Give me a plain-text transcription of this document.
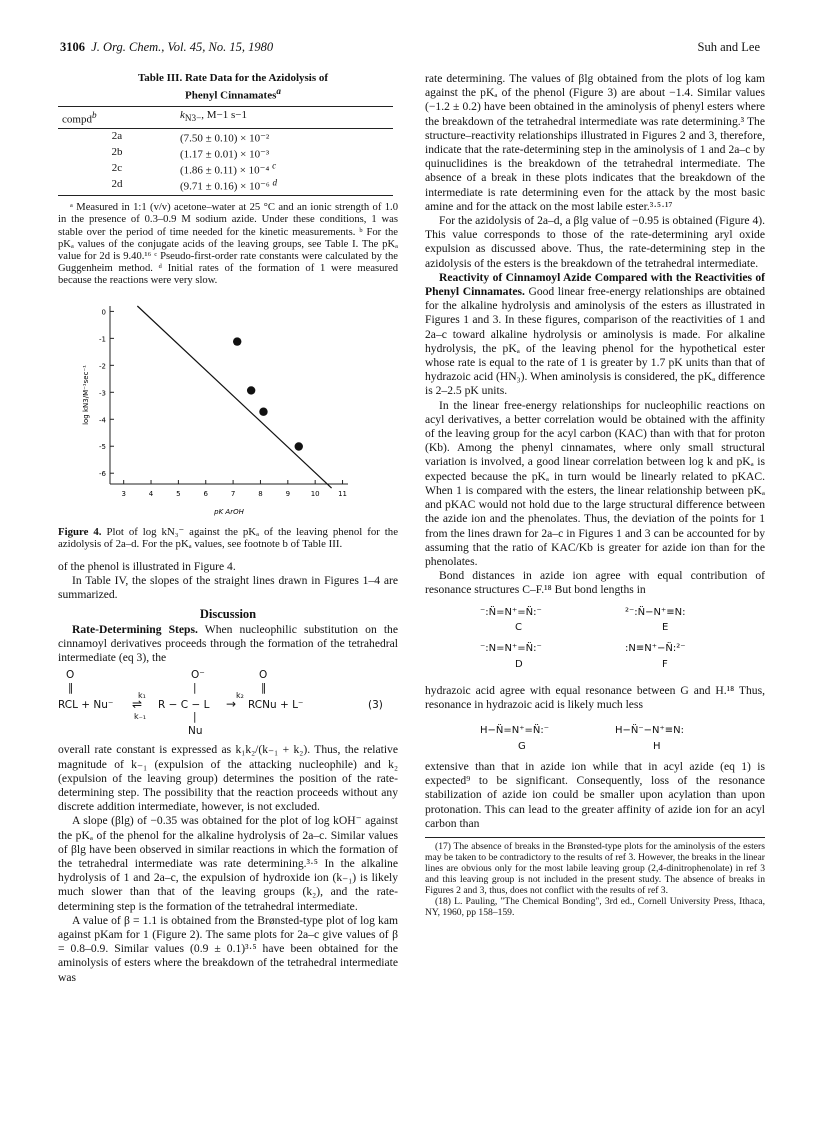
3106 J. Org. Chem., Vol. 45, No. 15, 1980	Suh and Lee
Table III. Rate Data for the Azidolysis of
Phenyl Cinnamates$^a$
compd$^b$	$k_{N3-}$, M−1 s−1
2a	(7.50 ± 0.10) × 10⁻²
2b	(1.17 ± 0.01) × 10⁻³
2c	(1.86 ± 0.11) × 10⁻⁴ $^c$
2d	(9.71 ± 0.16) × 10⁻⁶ $^d$

ᵃ Measured in 1:1 (v/v) acetone–water at 25 °C and an ionic strength of 1.0 in the presence of 0.3–0.9 M sodium azide. Under these conditions, 1 was stable over the period of time needed for the kinetic measurements. ᵇ For the pKₐ values of the conjugate acids of the leaving groups, see Table I. The pKₐ value for 2d is 9.40.¹⁶ ᶜ Pseudo-first-order rate constants were calculated by the Guggenheim method. ᵈ Initial rates of the formation of 1 were measured because the reactions were very slow.

3	4	5	6	7	8	9	10	11
0
-1
-2
-3
-4
-5
-6
pK ArOH
log kN3/M⁻¹sec⁻¹

Figure 4. Plot of log kN₃⁻ against the pKₐ of the leaving phenol for the azidolysis of 2a–d. For the pKₐ values, see footnote b of Table III.

of the phenol is illustrated in Figure 4.

In Table IV, the slopes of the straight lines drawn in Figures 1–4 are summarized.

Discussion

Rate-Determining Steps. When nucleophilic substitution on the cinnamoyl derivatives proceeds through the formation of the tetrahedral intermediate (eq 3), the

O
‖
RCL + Nu⁻
k₁
⇌
k₋₁
O⁻
|
R − C − L
|
Nu
k₂
→
O
‖
RCNu + L⁻	(3)

overall rate constant is expressed as k₁k₂/(k₋₁ + k₂). Thus, the relative magnitude of k₋₁ (expulsion of the attacking nucleophile) and k₂ (expulsion of the leaving group) determines the position of the rate-determining step. The possibility that the reaction proceeds without any discrete addition intermediate, however, is not excluded.

A slope (βlg) of −0.35 was obtained for the plot of log kOH⁻ against the pKₐ of the phenol for the alkaline hydrolysis of 2a–c. Similar values of βlg have been observed in similar reactions in which the formation of the tetrahedral intermediate was rate determining.³·⁵ In the alkaline hydrolysis of 1 and 2a–c, the expulsion of hydroxide ion (k₋₁) is likely much slower than that of the leaving groups (k₂), and the rate-determining step is the formation of the tetrahedral intermediate.

A value of β = 1.1 is obtained from the Brønsted-type plot of log kam against pKam for 1 (Figure 2). The same plots for 2a–c give values of β = 0.8–0.9. Similar values (0.9 ± 0.1)³·⁵ have been obtained for the aminolysis of esters where the breakdown of the tetrahedral intermediate was

rate determining. The values of βlg obtained from the plots of log kam against the pKₐ of the phenol (Figure 3) are about −1.4. Similar values (−1.2 ± 0.2) have been obtained in the aminolysis of phenyl esters where the breakdown of the tetrahedral intermediate was rate determining.³ The structure–reactivity relationships illustrated in Figures 2 and 3, therefore, indicate that the rate-determining step in the aminolysis of 1 and 2a–c by quinuclidines is the breakdown of the tetrahedral intermediate. The absence of a break in these plots indicates that the breakdown of the intermediate is rate determining even for the attack by the most basic amine and for the attack on the most labile ester.³·⁵·¹⁷

For the azidolysis of 2a–d, a βlg value of −0.95 is obtained (Figure 4). This value corresponds to those of the rate-determining aryl oxide expulsion as discussed above. Thus, the rate-determining step in the azidolysis of the esters is the breakdown of the tetrahedral intermediate.

Reactivity of Cinnamoyl Azide Compared with the Reactivities of Phenyl Cinnamates. Good linear free-energy relationships are obtained for the alkaline hydrolysis and aminolysis of the esters as illustrated in Figures 1 and 3. In these figures, comparison of the reactivities of 1 and 2a–c toward alkaline hydrolysis or aminolysis is made. For alkaline hydrolysis, the pKₐ of the leaving phenol for the hypothetical ester whose rate is equal to the rate of 1 is greater by 1.7 pK units than that of hydrazoic acid (HN₃). When aminolysis is considered, the pKₐ difference is 2–2.5 pK units.

In the linear free-energy relationships for nucleophilic reactions on acyl derivatives, a better correlation would be obtained with the affinity of the leaving group for the acyl carbon (KAC) than with that for proton (Kb). Among the phenyl cinnamates, where only small structural variation is involved, a good linear correlation between log k and pKₐ is expected because the pKₐ in turn would be linearly related to pKAC. When 1 is compared with the esters, the linear relationship between pKₐ and pKAC would not hold due to the large structural difference between the azide ion and the phenolates. Thus, the deviation of the points for 1 from the lines drawn for 2a–c in Figures 1 and 3 can be accounted for by assuming that the ratio of KAC/Kb is greater for azide ion than for the phenolates.

Bond distances in azide ion agree with equal contribution of resonance structures C–F.¹⁸ But bond lengths in

⁻:N̈=N⁺=N̈:⁻
C
²⁻:N̈−N⁺≡N:
E
⁻:N=N⁺=N̈:⁻
D
:N≡N⁺−N̈:²⁻
F

hydrazoic acid agree with equal resonance between G and H.¹⁸ Thus, resonance in hydrazoic acid is likely much less

H−N̈=N⁺=N̈:⁻
G
H−N̈⁻−N⁺≡N:
H

extensive than that in azide ion while that in acyl azide (eq 1) is expected⁹ to be significant. Consequently, loss of the resonance stabilization of azide ion could be smaller upon acylation than upon protonation. This can lead to the greater affinity of azide ion for an acyl carbon than

(17) The absence of breaks in the Brønsted-type plots for the aminolysis of the esters may be taken to be contradictory to the results of ref 3. However, the breaks in the linear lines are obvious only for the most labile leaving group (2,4-dinitrophenolate) in ref 3 and this leaving group is not included in the present study. The absence of breaks in Figures 2 and 3, thus, does not conflict with the results of ref 3.

(18) L. Pauling, "The Chemical Bonding", 3rd ed., Cornell University Press, Ithaca, NY, 1960, pp 158–159.
